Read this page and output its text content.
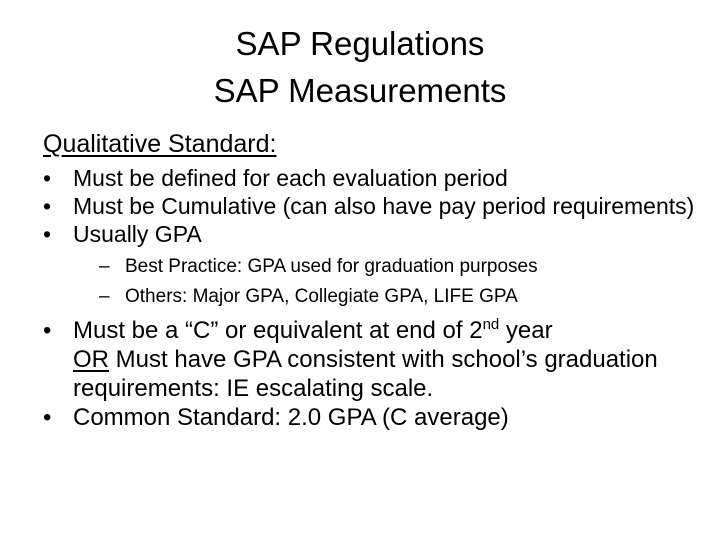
SAP Regulations
SAP Measurements
Qualitative Standard:
• Must be defined for each evaluation period
• Must be Cumulative (can also have pay period requirements)
• Usually GPA
– Best Practice: GPA used for graduation purposes
– Others: Major GPA, Collegiate GPA, LIFE GPA
• Must be a “C” or equivalent at end of 2nd year
OR Must have GPA consistent with school’s graduation requirements: IE escalating scale.
• Common Standard: 2.0 GPA (C average)
